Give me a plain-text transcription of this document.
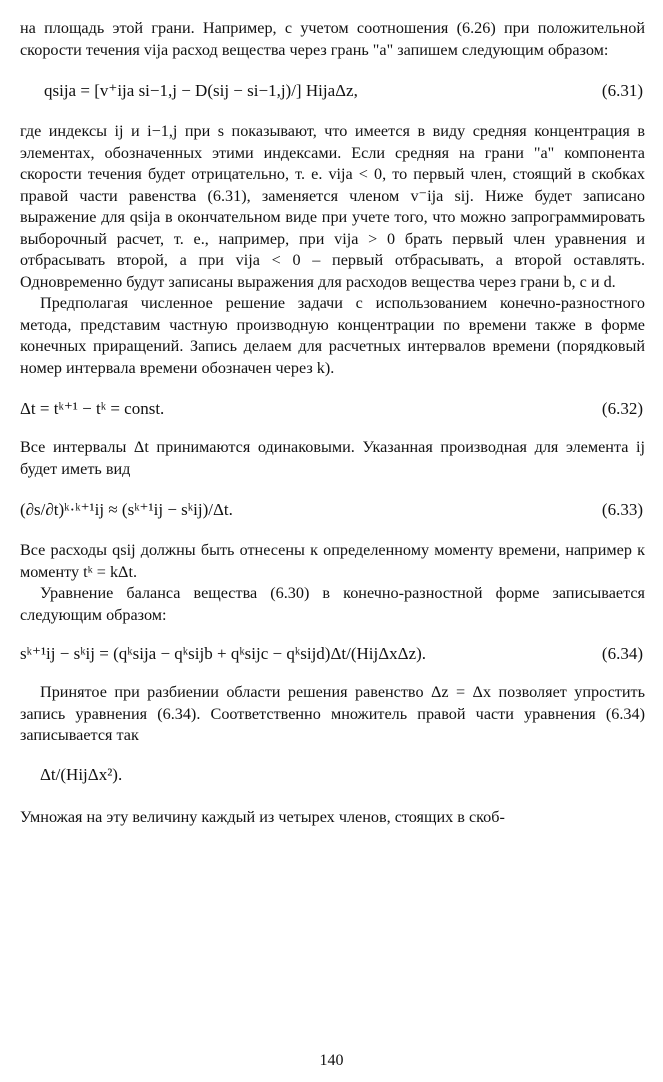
на площадь этой грани. Например, с учетом соотношения (6.26) при положительной скорости течения vija расход вещества через грань "a" запишем следующим образом:

qsija = [v⁺ija si−1,j − D(sij − si−1,j)/] HijaΔz,	(6.31)

где индексы ij и i−1,j при s показывают, что имеется в виду средняя концентрация в элементах, обозначенных этими индексами. Если средняя на грани "a" компонента скорости течения будет отрицательно, т. е. vija < 0, то первый член, стоящий в скобках правой части равенства (6.31), заменяется членом v⁻ija sij. Ниже будет записано выражение для qsija в окончательном виде при учете того, что можно запрограммировать выборочный расчет, т. е., например, при vija > 0 брать первый член уравнения и отбрасывать второй, а при vija < 0 – первый отбрасывать, а второй оставлять. Одновременно будут записаны выражения для расходов вещества через грани b, c и d.

Предполагая численное решение задачи с использованием конечно-разностного метода, представим частную производную концентрации по времени также в форме конечных приращений. Запись делаем для расчетных интервалов времени (порядковый номер интервала времени обозначен через k).

Δt = tᵏ⁺¹ − tᵏ = const.	(6.32)

Все интервалы Δt принимаются одинаковыми. Указанная производная для элемента ij будет иметь вид

(∂s/∂t)ᵏ·ᵏ⁺¹ij ≈ (sᵏ⁺¹ij − sᵏij)/Δt.	(6.33)

Все расходы qsij должны быть отнесены к определенному моменту времени, например к моменту tᵏ = kΔt.

Уравнение баланса вещества (6.30) в конечно-разностной форме записывается следующим образом:

sᵏ⁺¹ij − sᵏij = (qᵏsija − qᵏsijb + qᵏsijc − qᵏsijd)Δt/(HijΔxΔz).	(6.34)

Принятое при разбиении области решения равенство Δz = Δx позволяет упростить запись уравнения (6.34). Соответственно множитель правой части уравнения (6.34) записывается так

Δt/(HijΔx²).

Умножая на эту величину каждый из четырех членов, стоящих в скоб-

140
